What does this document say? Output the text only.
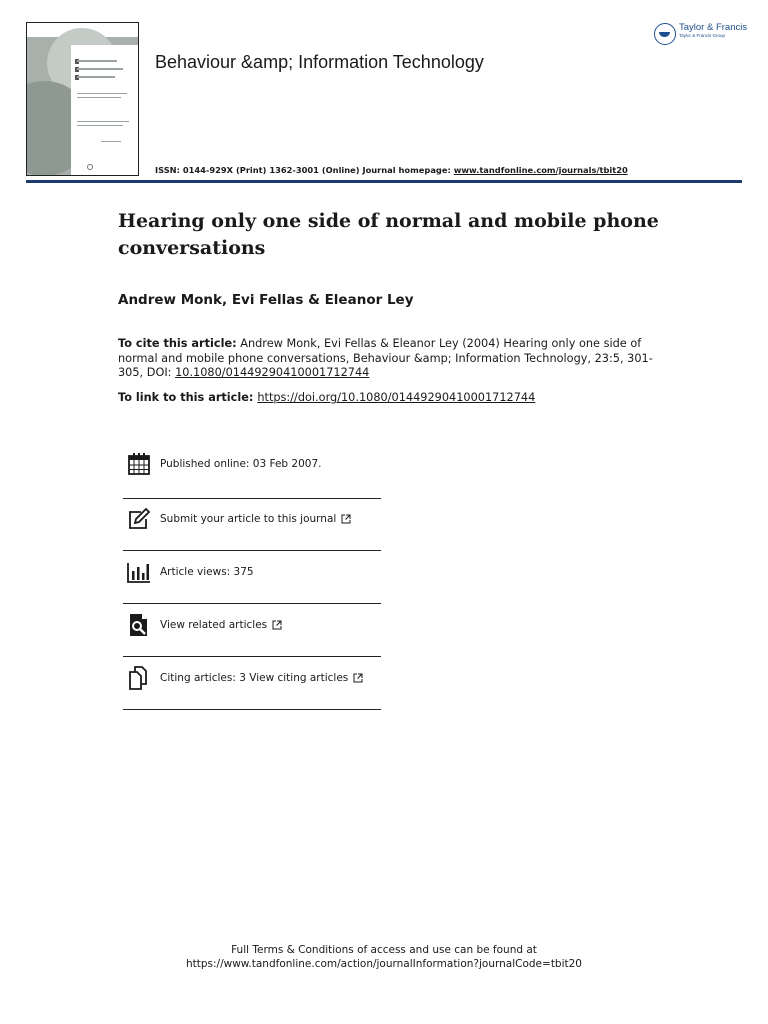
Behaviour &amp; Information Technology
ISSN: 0144-929X (Print) 1362-3001 (Online) Journal homepage: www.tandfonline.com/journals/tbit20
Taylor & Francis
Taylor & Francis Group
Hearing only one side of normal and mobile phone conversations
Andrew Monk, Evi Fellas & Eleanor Ley
To cite this article: Andrew Monk, Evi Fellas & Eleanor Ley (2004) Hearing only one side of normal and mobile phone conversations, Behaviour &amp; Information Technology, 23:5, 301-305, DOI: 10.1080/01449290410001712744
To link to this article: https://doi.org/10.1080/01449290410001712744
Published online: 03 Feb 2007.
Submit your article to this journal
Article views: 375
View related articles
Citing articles: 3 View citing articles
Full Terms & Conditions of access and use can be found at
https://www.tandfonline.com/action/journalInformation?journalCode=tbit20
